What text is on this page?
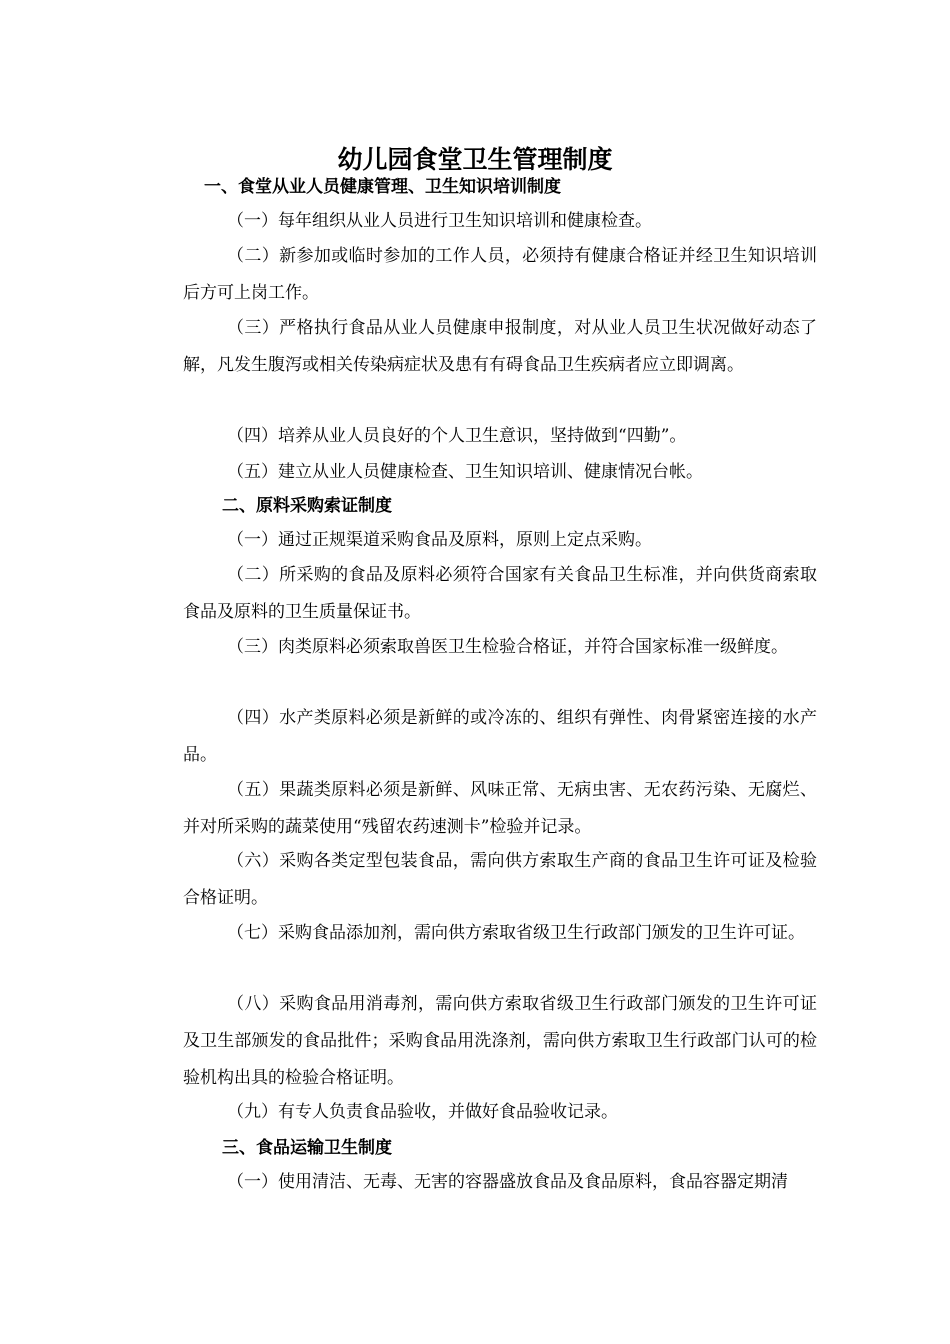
幼儿园食堂卫生管理制度
一、食堂从业人员健康管理、卫生知识培训制度
（一）每年组织从业人员进行卫生知识培训和健康检查。
（二）新参加或临时参加的工作人员，必须持有健康合格证并经卫生知识培训后方可上岗工作。
（三）严格执行食品从业人员健康申报制度，对从业人员卫生状况做好动态了解，凡发生腹泻或相关传染病症状及患有有碍食品卫生疾病者应立即调离。
（四）培养从业人员良好的个人卫生意识，坚持做到“四勤”。
（五）建立从业人员健康检查、卫生知识培训、健康情况台帐。
二、原料采购索证制度
（一）通过正规渠道采购食品及原料，原则上定点采购。
（二）所采购的食品及原料必须符合国家有关食品卫生标准，并向供货商索取食品及原料的卫生质量保证书。
（三）肉类原料必须索取兽医卫生检验合格证，并符合国家标准一级鲜度。
（四）水产类原料必须是新鲜的或冷冻的、组织有弹性、肉骨紧密连接的水产品。
（五）果蔬类原料必须是新鲜、风味正常、无病虫害、无农药污染、无腐烂、并对所采购的蔬菜使用“残留农药速测卡”检验并记录。
（六）采购各类定型包装食品，需向供方索取生产商的食品卫生许可证及检验合格证明。
（七）采购食品添加剂，需向供方索取省级卫生行政部门颁发的卫生许可证。
（八）采购食品用消毒剂，需向供方索取省级卫生行政部门颁发的卫生许可证及卫生部颁发的食品批件；采购食品用洗涤剂，需向供方索取卫生行政部门认可的检验机构出具的检验合格证明。
（九）有专人负责食品验收，并做好食品验收记录。
三、食品运输卫生制度
（一）使用清洁、无毒、无害的容器盛放食品及食品原料，食品容器定期清
